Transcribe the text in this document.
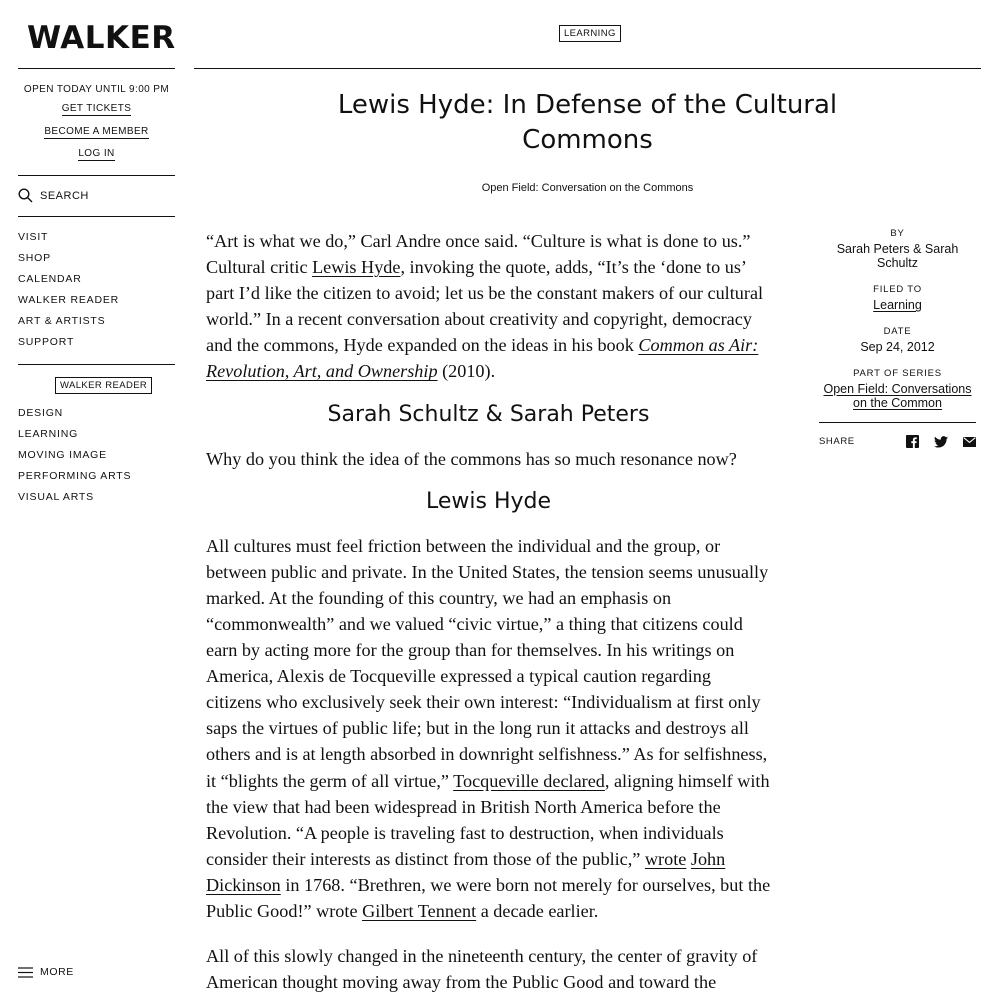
WALKER
OPEN TODAY UNTIL 9:00 PM
GET TICKETS
BECOME A MEMBER
LOG IN
SEARCH
VISIT
SHOP
CALENDAR
WALKER READER
ART & ARTISTS
SUPPORT
WALKER READER
DESIGN
LEARNING
MOVING IMAGE
PERFORMING ARTS
VISUAL ARTS
MORE
LEARNING
Lewis Hyde: In Defense of the Cultural Commons
Open Field: Conversation on the Commons

“Art is what we do,” Carl Andre once said. “Culture is what is done to us.” Cultural critic Lewis Hyde, invoking the quote, adds, “It’s the ‘done to us’ part I’d like the citizen to avoid; let us be the constant makers of our cultural world.” In a recent conversation about creativity and copyright, democracy and the commons, Hyde expanded on the ideas in his book Common as Air: Revolution, Art, and Ownership (2010).

Sarah Schultz & Sarah Peters

Why do you think the idea of the commons has so much resonance now?

Lewis Hyde

All cultures must feel friction between the individual and the group, or between public and private. In the United States, the tension seems unusually marked. At the founding of this country, we had an emphasis on “commonwealth” and we valued “civic virtue,” a thing that citizens could earn by acting more for the group than for themselves. In his writings on America, Alexis de Tocqueville expressed a typical caution regarding citizens who exclusively seek their own interest: “Individualism at first only saps the virtues of public life; but in the long run it attacks and destroys all others and is at length absorbed in downright selfishness.” As for selfishness, it “blights the germ of all virtue,” Tocqueville declared, aligning himself with the view that had been widespread in British North America before the Revolution. “A people is traveling fast to destruction, when individuals consider their interests as distinct from those of the public,” wrote John Dickinson in 1768. “Brethren, we were born not merely for ourselves, but the Public Good!” wrote Gilbert Tennent a decade earlier.

All of this slowly changed in the nineteenth century, the center of gravity of American thought moving away from the Public Good and toward the

BY
Sarah Peters & Sarah Schultz
FILED TO
Learning
DATE
Sep 24, 2012
PART OF SERIES
Open Field: Conversations on the Common
SHARE
